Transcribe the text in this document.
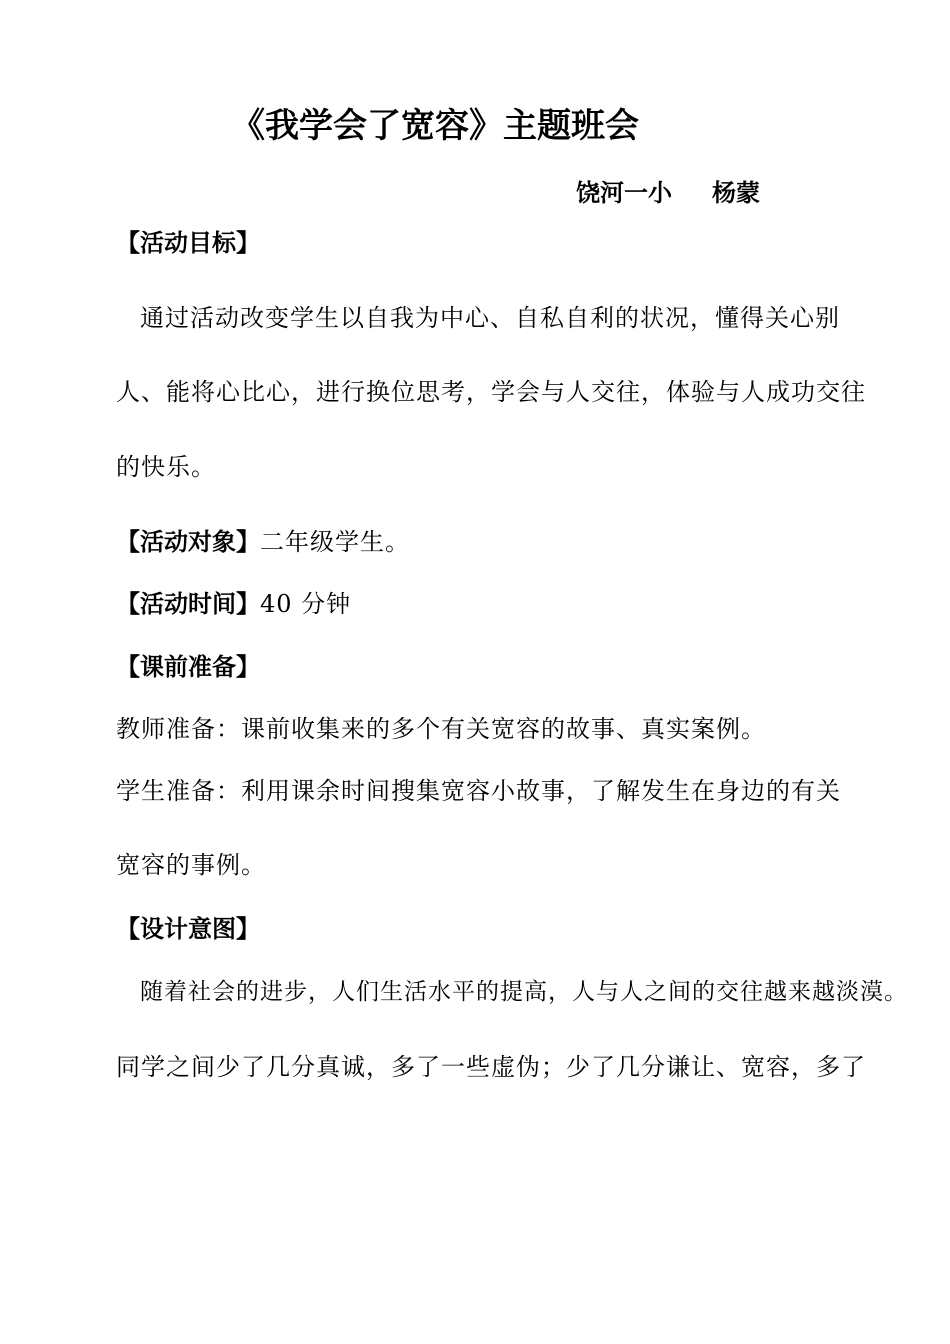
《我学会了宽容》主题班会
饶河一小 杨蒙
【活动目标】
通过活动改变学生以自我为中心、自私自利的状况，懂得关心别
人、能将心比心，进行换位思考，学会与人交往，体验与人成功交往
的快乐。
【活动对象】二年级学生。
【活动时间】40 分钟
【课前准备】
教师准备：课前收集来的多个有关宽容的故事、真实案例。
学生准备：利用课余时间搜集宽容小故事，了解发生在身边的有关
宽容的事例。
【设计意图】
随着社会的进步，人们生活水平的提高，人与人之间的交往越来越淡漠。
同学之间少了几分真诚，多了一些虚伪；少了几分谦让、宽容，多了
